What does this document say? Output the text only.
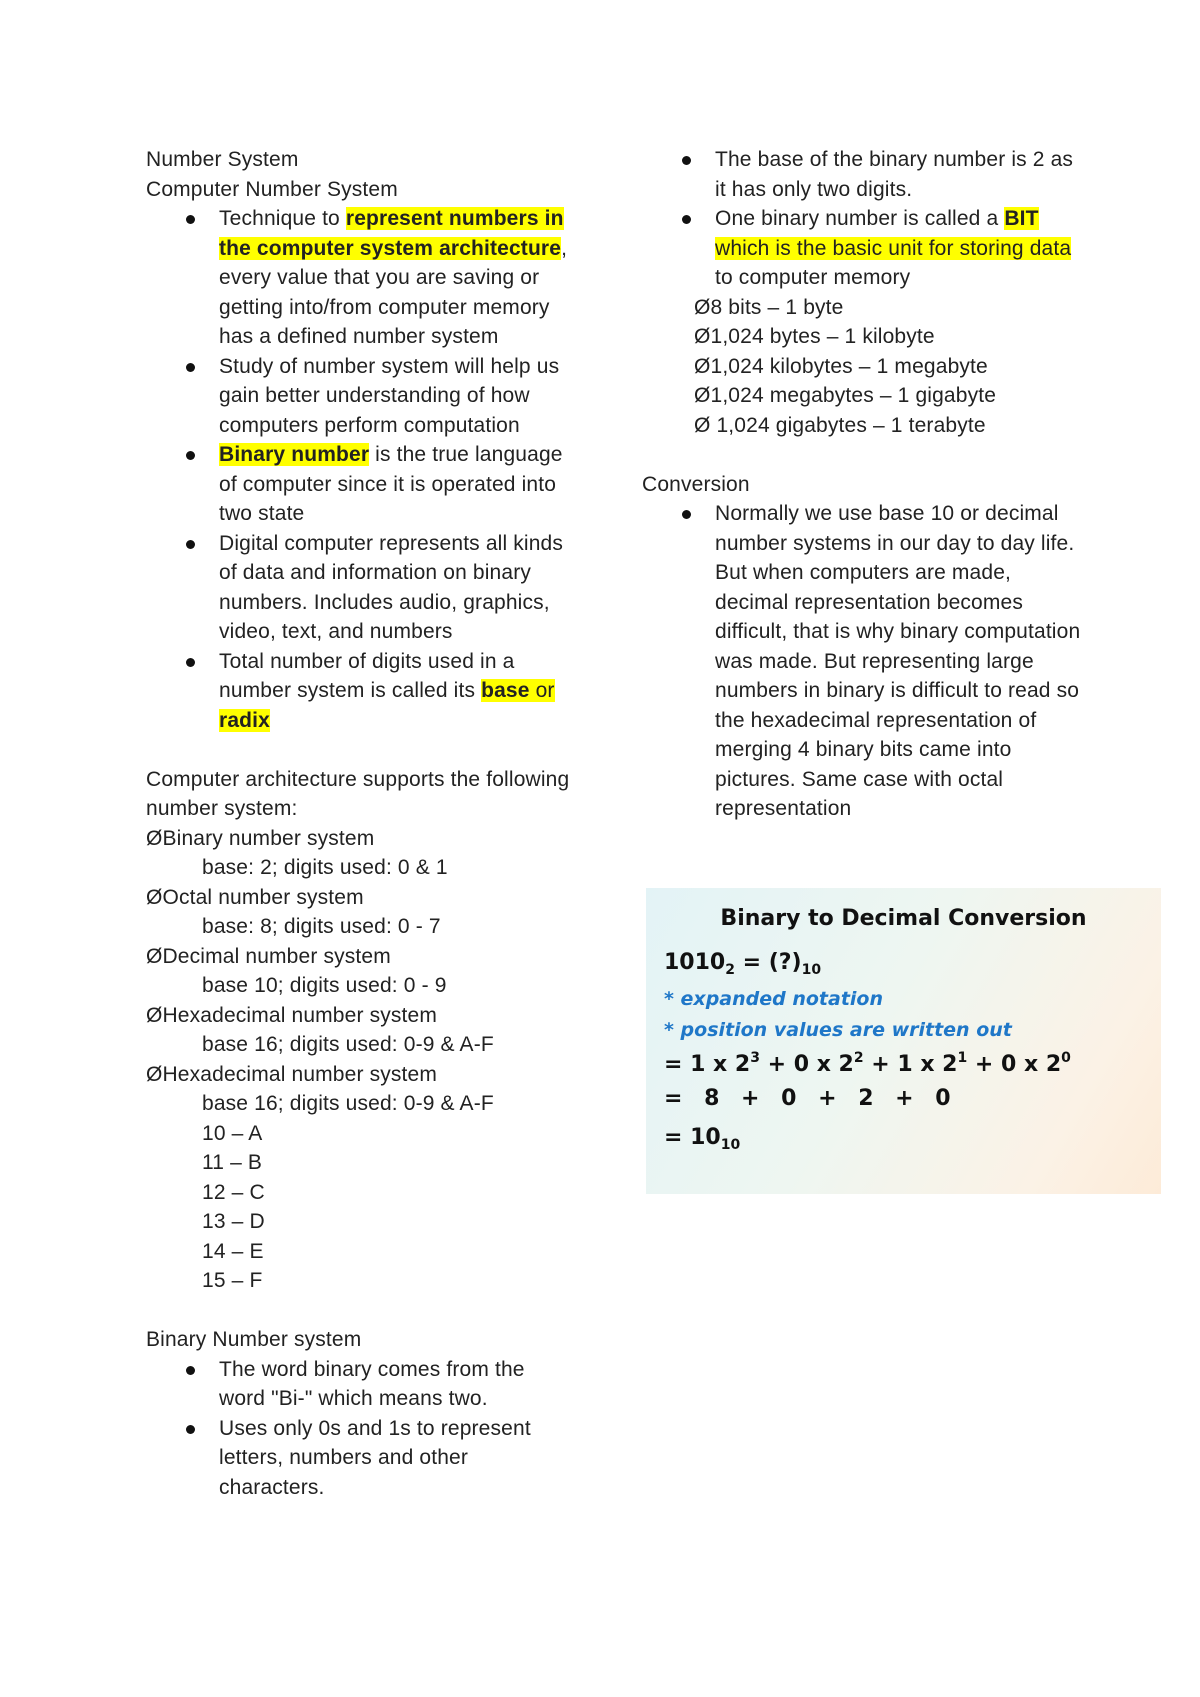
Number System
Computer Number System
Technique to represent numbers in the computer system architecture, every value that you are saving or getting into/from computer memory has a defined number system
Study of number system will help us gain better understanding of how computers perform computation
Binary number is the true language of computer since it is operated into two state
Digital computer represents all kinds of data and information on binary numbers. Includes audio, graphics, video, text, and numbers
Total number of digits used in a number system is called its base or radix
Computer architecture supports the following number system:
ØBinary number system
base: 2; digits used: 0 & 1
ØOctal number system
base: 8; digits used: 0 - 7
ØDecimal number system
base 10; digits used: 0 - 9
ØHexadecimal number system
base 16; digits used: 0-9 & A-F
ØHexadecimal number system
base 16; digits used: 0-9 & A-F
10 – A
11 – B
12 – C
13 – D
14 – E
15 – F
Binary Number system
The word binary comes from the word "Bi-" which means two.
Uses only 0s and 1s to represent letters, numbers and other characters.
The base of the binary number is 2 as it has only two digits.
One binary number is called a BIT which is the basic unit for storing data to computer memory
Ø8 bits – 1 byte
Ø1,024 bytes – 1 kilobyte
Ø1,024 kilobytes – 1 megabyte
Ø1,024 megabytes – 1 gigabyte
Ø 1,024 gigabytes – 1 terabyte
Conversion
Normally we use base 10 or decimal number systems in our day to day life. But when computers are made, decimal representation becomes difficult, that is why binary computation was made. But representing large numbers in binary is difficult to read so the hexadecimal representation of merging 4 binary bits came into pictures. Same case with octal representation
Binary to Decimal Conversion
$1010_2$ = $(?)_{10}$
* expanded notation
* position values are written out
= 1 x $2^3 + 0$ x $2^2 + 1$ x $2^1 + 0$ x $2^0$
= 8 + 0 + 2 + 0
= $10_{10}$
